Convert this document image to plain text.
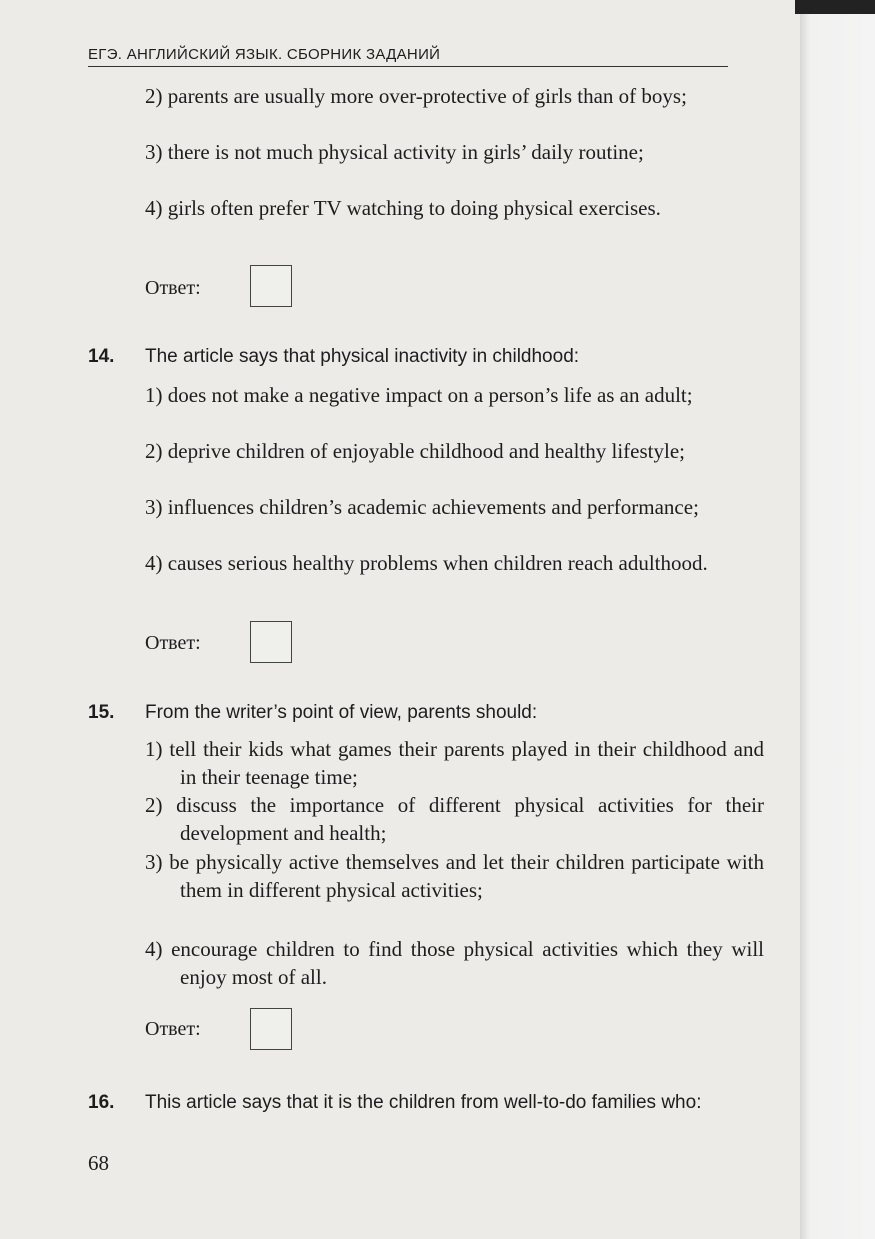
ЕГЭ. АНГЛИЙСКИЙ ЯЗЫК. СБОРНИК ЗАДАНИЙ
2) parents are usually more over-protective of girls than of boys;
3) there is not much physical activity in girls’ daily routine;
4) girls often prefer TV watching to doing physical exercises.
Ответ:
14. The article says that physical inactivity in childhood:
1) does not make a negative impact on a person’s life as an adult;
2) deprive children of enjoyable childhood and healthy lifestyle;
3) influences children’s academic achievements and performance;
4) causes serious healthy problems when children reach adulthood.
Ответ:
15. From the writer’s point of view, parents should:
1) tell their kids what games their parents played in their childhood and in their teenage time;
2) discuss the importance of different physical activities for their development and health;
3) be physically active themselves and let their children participate with them in different physical activities;
4) encourage children to find those physical activities which they will enjoy most of all.
Ответ:
16. This article says that it is the children from well-to-do families who:
68
